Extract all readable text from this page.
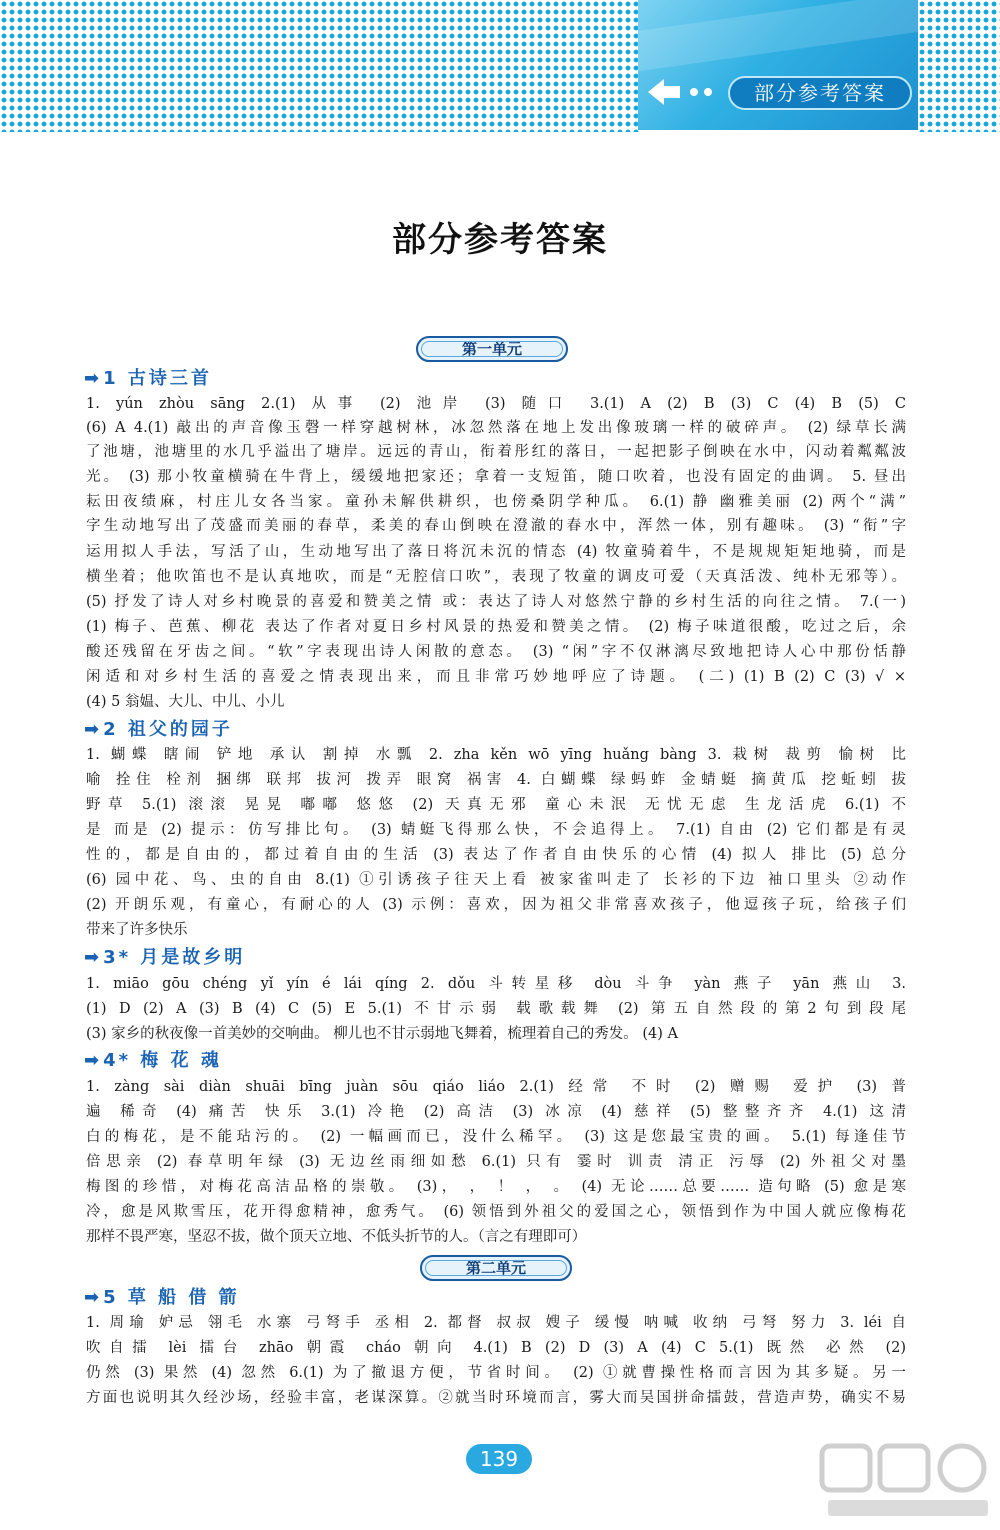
部分参考答案
部分参考答案
第一单元
➡ 1 古诗三首
1. yún zhòu sāng 2.(1) 从事 (2) 池岸 (3) 随口 3.(1) A (2) B (3) C (4) B (5) C
(6) A 4.(1) 敲出的声音像玉磬一样穿越树林，冰忽然落在地上发出像玻璃一样的破碎声。 (2) 绿草长满
了池塘，池塘里的水几乎溢出了塘岸。远远的青山，衔着彤红的落日，一起把影子倒映在水中，闪动着粼粼波
光。 (3) 那小牧童横骑在牛背上，缓缓地把家还；拿着一支短笛，随口吹着，也没有固定的曲调。 5. 昼出
耘田夜绩麻，村庄儿女各当家。童孙未解供耕织，也傍桑阴学种瓜。 6.(1) 静 幽雅美丽 (2) 两个“满”
字生动地写出了茂盛而美丽的春草，柔美的春山倒映在澄澈的春水中，浑然一体，别有趣味。 (3) “衔”字
运用拟人手法，写活了山，生动地写出了落日将沉未沉的情态 (4) 牧童骑着牛，不是规规矩矩地骑，而是
横坐着；他吹笛也不是认真地吹，而是“无腔信口吹”，表现了牧童的调皮可爱（天真活泼、纯朴无邪等）。
(5) 抒发了诗人对乡村晚景的喜爱和赞美之情 或：表达了诗人对悠然宁静的乡村生活的向往之情。 7.(一)
(1) 梅子、芭蕉、柳花 表达了作者对夏日乡村风景的热爱和赞美之情。 (2) 梅子味道很酸，吃过之后，余
酸还残留在牙齿之间。“软”字表现出诗人闲散的意态。 (3) “闲”字不仅淋漓尽致地把诗人心中那份恬静
闲适和对乡村生活的喜爱之情表现出来，而且非常巧妙地呼应了诗题。 (二) (1) B (2) C (3) √ ×
(4) 5 翁媪、大儿、中儿、小儿
➡ 2 祖父的园子
1. 蝴蝶 瞎闹 铲地 承认 割掉 水瓢 2. zha kěn wō yīng huǎng bàng 3. 栽树 裁剪 愉树 比
喻 拴住 栓剂 捆绑 联邦 拔河 拨弄 眼窝 祸害 4. 白蝴蝶 绿蚂蚱 金蜻蜓 摘黄瓜 挖蚯蚓 拔
野草 5.(1) 滚滚 晃晃 嘟嘟 悠悠 (2) 天真无邪 童心未泯 无忧无虑 生龙活虎 6.(1) 不
是 而是 (2) 提示：仿写排比句。 (3) 蜻蜓飞得那么快，不会追得上。 7.(1) 自由 (2) 它们都是有灵
性的，都是自由的，都过着自由的生活 (3) 表达了作者自由快乐的心情 (4) 拟人 排比 (5) 总分
(6) 园中花、鸟、虫的自由 8.(1) ①引诱孩子往天上看 被家雀叫走了 长衫的下边 袖口里头 ②动作
(2) 开朗乐观，有童心，有耐心的人 (3) 示例：喜欢，因为祖父非常喜欢孩子，他逗孩子玩，给孩子们
带来了许多快乐
➡ 3* 月是故乡明
1. miāo gōu chéng yǐ yín é lái qíng 2. dǒu 斗转星移 dòu 斗争 yàn 燕子 yān 燕山 3.
(1) D (2) A (3) B (4) C (5) E 5.(1) 不甘示弱 载歌载舞 (2) 第五自然段的第2句到段尾
(3) 家乡的秋夜像一首美妙的交响曲。 柳儿也不甘示弱地飞舞着，梳理着自己的秀发。 (4) A
➡ 4* 梅 花 魂
1. zàng sài diàn shuāi bīng juàn sōu qiáo liáo 2.(1) 经常 不时 (2) 赠赐 爱护 (3) 普
遍 稀奇 (4) 痛苦 快乐 3.(1) 冷艳 (2) 高洁 (3) 冰凉 (4) 慈祥 (5) 整整齐齐 4.(1) 这清
白的梅花，是不能玷污的。 (2) 一幅画而已，没什么稀罕。 (3) 这是您最宝贵的画。 5.(1) 每逢佳节
倍思亲 (2) 春草明年绿 (3) 无边丝雨细如愁 6.(1) 只有 霎时 训责 清正 污辱 (2) 外祖父对墨
梅图的珍惜，对梅花高洁品格的崇敬。 (3)， ， ！ ， 。 (4) 无论……总要…… 造句略 (5) 愈是寒
冷，愈是风欺雪压，花开得愈精神，愈秀气。 (6) 领悟到外祖父的爱国之心，领悟到作为中国人就应像梅花
那样不畏严寒，坚忍不拔，做个顶天立地、不低头折节的人。（言之有理即可）
第二单元
➡ 5 草 船 借 箭
1. 周瑜 妒忌 翎毛 水寨 弓弩手 丞相 2. 都督 叔叔 嫂子 缓慢 呐喊 收纳 弓弩 努力 3. léi 自
吹自擂 lèi 擂台 zhāo 朝霞 cháo 朝向 4.(1) B (2) D (3) A (4) C 5.(1) 既然 必然 (2)
仍然 (3) 果然 (4) 忽然 6.(1) 为了撤退方便，节省时间。 (2) ①就曹操性格而言因为其多疑。另一
方面也说明其久经沙场，经验丰富，老谋深算。②就当时环境而言，雾大而吴国拼命擂鼓，营造声势，确实不易
139
